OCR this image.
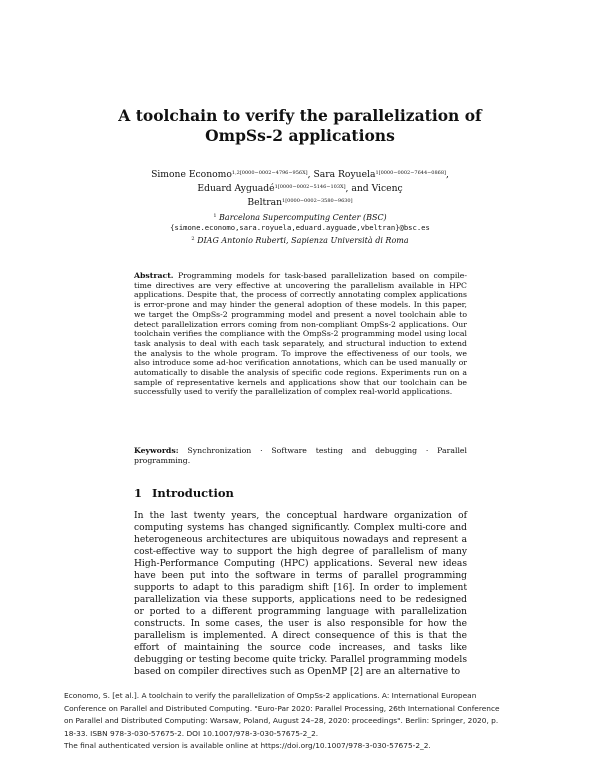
A toolchain to verify the parallelization of
OmpSs-2 applications
Simone Economo$^{1,2[0000-0002-4796-956X]}$, Sara Royuela$^{1[0000-0002-7644-0868]}$,
Eduard Ayguadé$^{1[0000-0002-5146-103X]}$, and Vicenç
Beltran$^{1[0000-0002-3580-9630]}$
$^1$ Barcelona Supercomputing Center (BSC)
{simone.economo,sara.royuela,eduard.ayguade,vbeltran}@bsc.es
$^2$ DIAG Antonio Ruberti, Sapienza Università di Roma
Abstract. Programming models for task-based parallelization based on compile-time directives are very effective at uncovering the parallelism available in HPC applications. Despite that, the process of correctly annotating complex applications is error-prone and may hinder the general adoption of these models. In this paper, we target the OmpSs-2 programming model and present a novel toolchain able to detect parallelization errors coming from non-compliant OmpSs-2 applications. Our toolchain verifies the compliance with the OmpSs-2 programming model using local task analysis to deal with each task separately, and structural induction to extend the analysis to the whole program. To improve the effectiveness of our tools, we also introduce some ad-hoc verification annotations, which can be used manually or automatically to disable the analysis of specific code regions. Experiments run on a sample of representative kernels and applications show that our toolchain can be successfully used to verify the parallelization of complex real-world applications.
Keywords: Synchronization · Software testing and debugging · Parallel programming.
1 Introduction
In the last twenty years, the conceptual hardware organization of computing systems has changed significantly. Complex multi-core and heterogeneous architectures are ubiquitous nowadays and represent a cost-effective way to support the high degree of parallelism of many High-Performance Computing (HPC) applications. Several new ideas have been put into the software in terms of parallel programming supports to adapt to this paradigm shift [16]. In order to implement parallelization via these supports, applications need to be redesigned or ported to a different programming language with parallelization constructs. In some cases, the user is also responsible for how the parallelism is implemented. A direct consequence of this is that the effort of maintaining the source code increases, and tasks like debugging or testing become quite tricky. Parallel programming models based on compiler directives such as OpenMP [2] are an alternative to
Economo, S. [et al.]. A toolchain to verify the parallelization of OmpSs-2 applications. A: International European
Conference on Parallel and Distributed Computing. "Euro-Par 2020: Parallel Processing, 26th International Conference
on Parallel and Distributed Computing: Warsaw, Poland, August 24–28, 2020: proceedings". Berlin: Springer, 2020, p.
18-33. ISBN 978-3-030-57675-2. DOI 10.1007/978-3-030-57675-2_2.
The final authenticated version is available online at https://doi.org/10.1007/978-3-030-57675-2_2.
